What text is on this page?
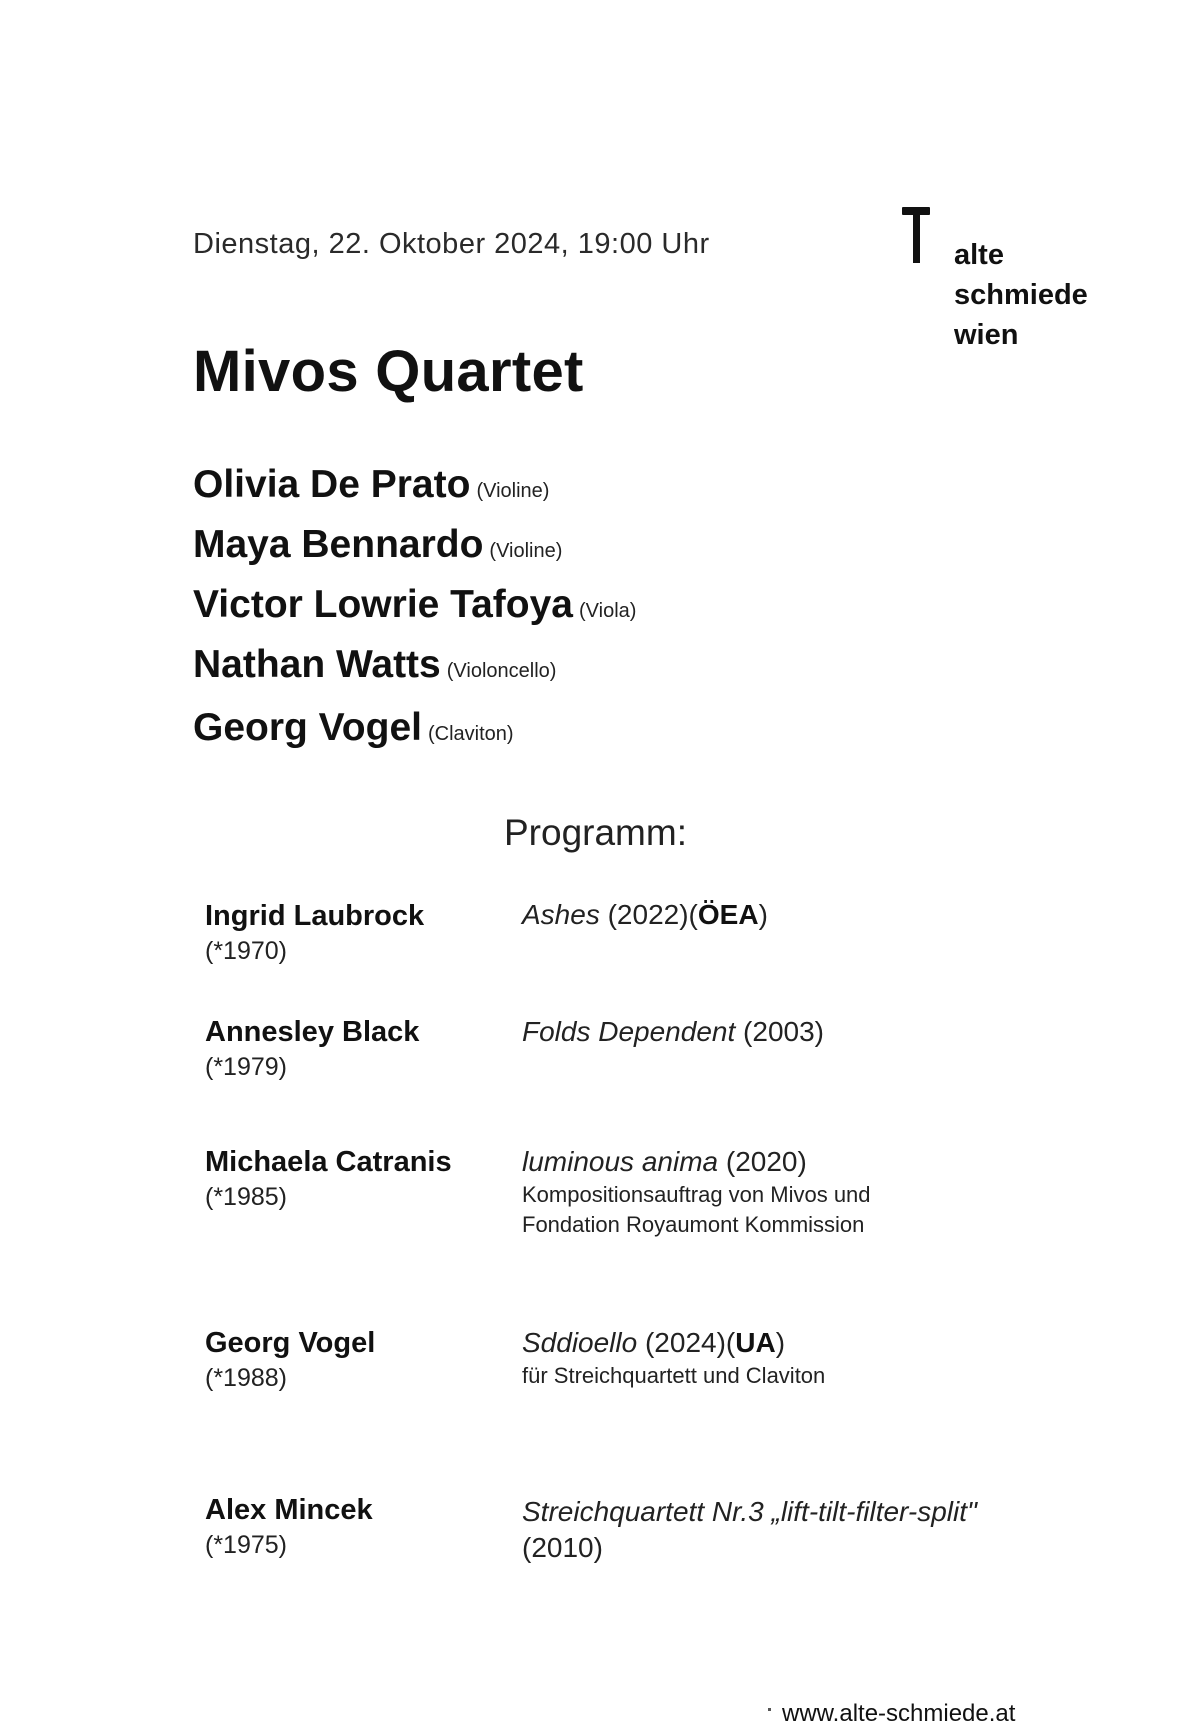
Dienstag, 22. Oktober 2024, 19:00 Uhr	alte
schmiede
wien
Mivos Quartet
Olivia De Prato (Violine)
Maya Bennardo (Violine)
Victor Lowrie Tafoya (Viola)
Nathan Watts (Violoncello)
Georg Vogel (Claviton)
Programm:
Ingrid Laubrock
(*1970)
Ashes (2022)(ÖEA)
Annesley Black
(*1979)
Folds Dependent (2003)
Michaela Catranis
(*1985)
luminous anima (2020)
Kompositionsauftrag von Mivos und Fondation Royaumont Kommission
Georg Vogel
(*1988)
Sddioello (2024)(UA)
für Streichquartett und Claviton
Alex Mincek
(*1975)
Streichquartett Nr.3 „lift-tilt-filter-split"
(2010)
www.alte-schmiede.at
